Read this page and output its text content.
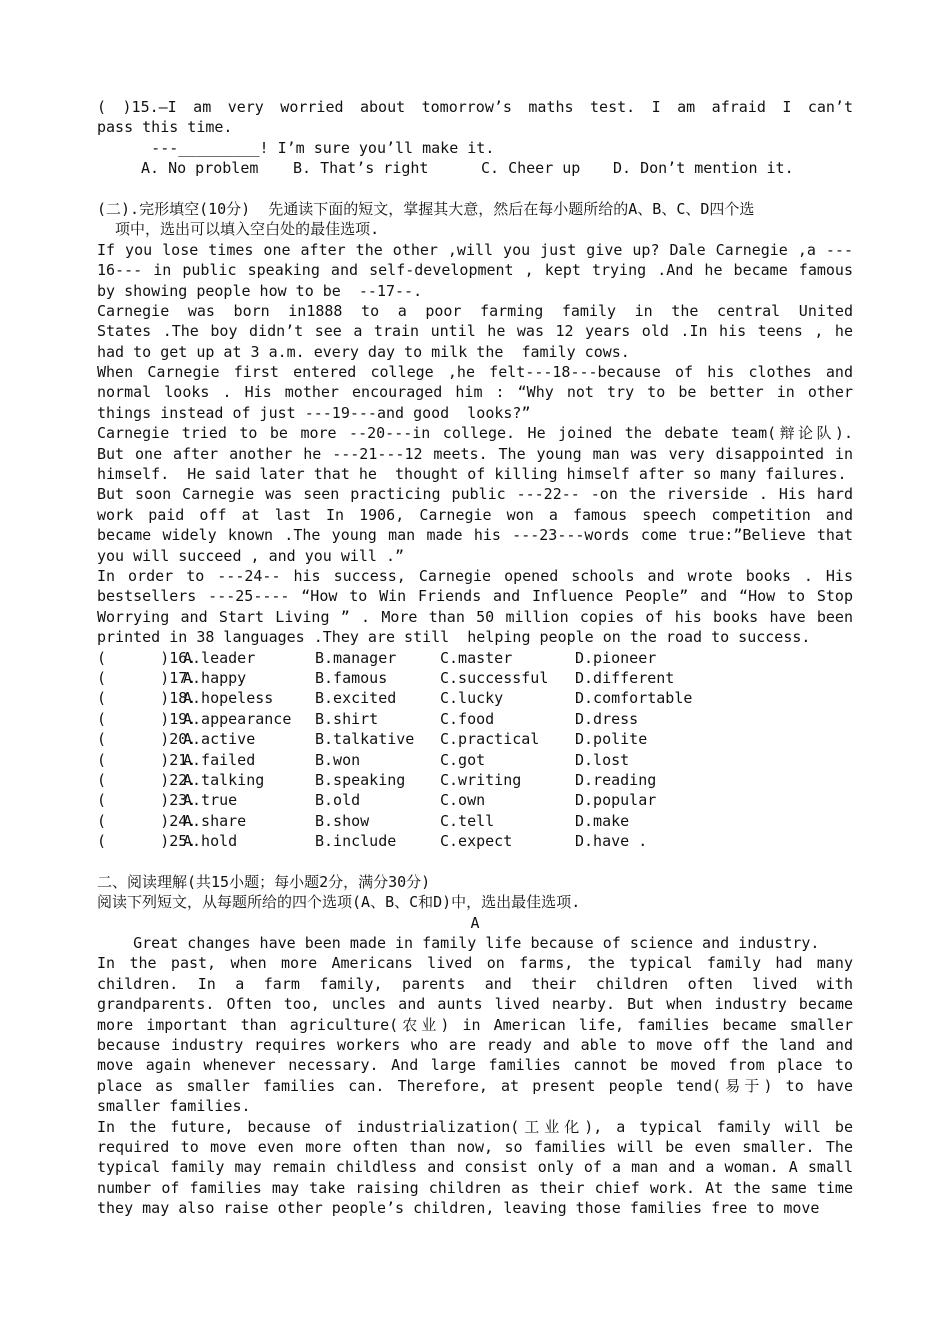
( )15.—I am very worried about tomorrow’s maths test. I am afraid I can’t
pass this time.
---_________! I’m sure you’ll make it.
A. No problem	B. That’s right	C. Cheer up	D. Don’t mention it.
(二).完形填空(10分)  先通读下面的短文，掌握其大意，然后在每小题所给的A、B、C、D四个选
项中，选出可以填入空白处的最佳选项.
If you lose times one after the other ,will you just give up? Dale Carnegie ,a ---
16--- in public speaking and self-development , kept trying .And he became famous
by showing people how to be  --17--.
Carnegie was born in1888 to a poor farming family in the central United
States .The boy didn’t see a train until he was 12 years old .In his teens , he
had to get up at 3 a.m. every day to milk the  family cows.
When Carnegie first entered college ,he felt---18---because of his clothes and
normal looks . His mother encouraged him : “Why not try to be better in other
things instead of just ---19---and good  looks?”
Carnegie tried to be more --20---in college. He joined the debate team(辩论队).
But one after another he ---21---12 meets. The young man was very disappointed in
himself.  He said later that he  thought of killing himself after so many failures.
But soon Carnegie was seen practicing public ---22-- -on the riverside . His hard
work paid off at last In 1906, Carnegie won a famous speech competition and
became widely known .The young man made his ---23---words come true:”Believe that
you will succeed , and you will .”
In order to ---24-- his success, Carnegie opened schools and wrote books . His
bestsellers ---25---- “How to Win Friends and Influence People” and “How to Stop
Worrying and Start Living ” . More than 50 million copies of his books have been
printed in 38 languages .They are still  helping people on the road to success.
(      )16.
A.leader	B.manager	C.master	D.pioneer
(      )17.
A.happy	B.famous	C.successful	D.different
(      )18.
A.hopeless	B.excited	C.lucky	D.comfortable
(      )19.
A.appearance	B.shirt	C.food	D.dress
(      )20.
A.active	B.talkative	C.practical	D.polite
(      )21.
A.failed	B.won	C.got	D.lost
(      )22.
A.talking	B.speaking	C.writing	D.reading
(      )23.
A.true	B.old	C.own	D.popular
(      )24.
A.share	B.show	C.tell	D.make
(      )25.
A.hold	B.include	C.expect	D.have .
二、阅读理解(共15小题；每小题2分，满分30分)
阅读下列短文，从每题所给的四个选项(A、B、C和D)中，选出最佳选项.
A
Great changes have been made in family life because of science and industry.
In the past, when more Americans lived on farms, the typical family had many
children. In a farm family, parents and their children often lived with
grandparents. Often too, uncles and aunts lived nearby. But when industry became
more important than agriculture(农业) in American life, families became smaller
because industry requires workers who are ready and able to move off the land and
move again whenever necessary. And large families cannot be moved from place to
place as smaller families can. Therefore, at present people tend(易于) to have
smaller families.
In the future, because of industrialization(工业化), a typical family will be
required to move even more often than now, so families will be even smaller. The
typical family may remain childless and consist only of a man and a woman. A small
number of families may take raising children as their chief work. At the same time
they may also raise other people’s children, leaving those families free to move
